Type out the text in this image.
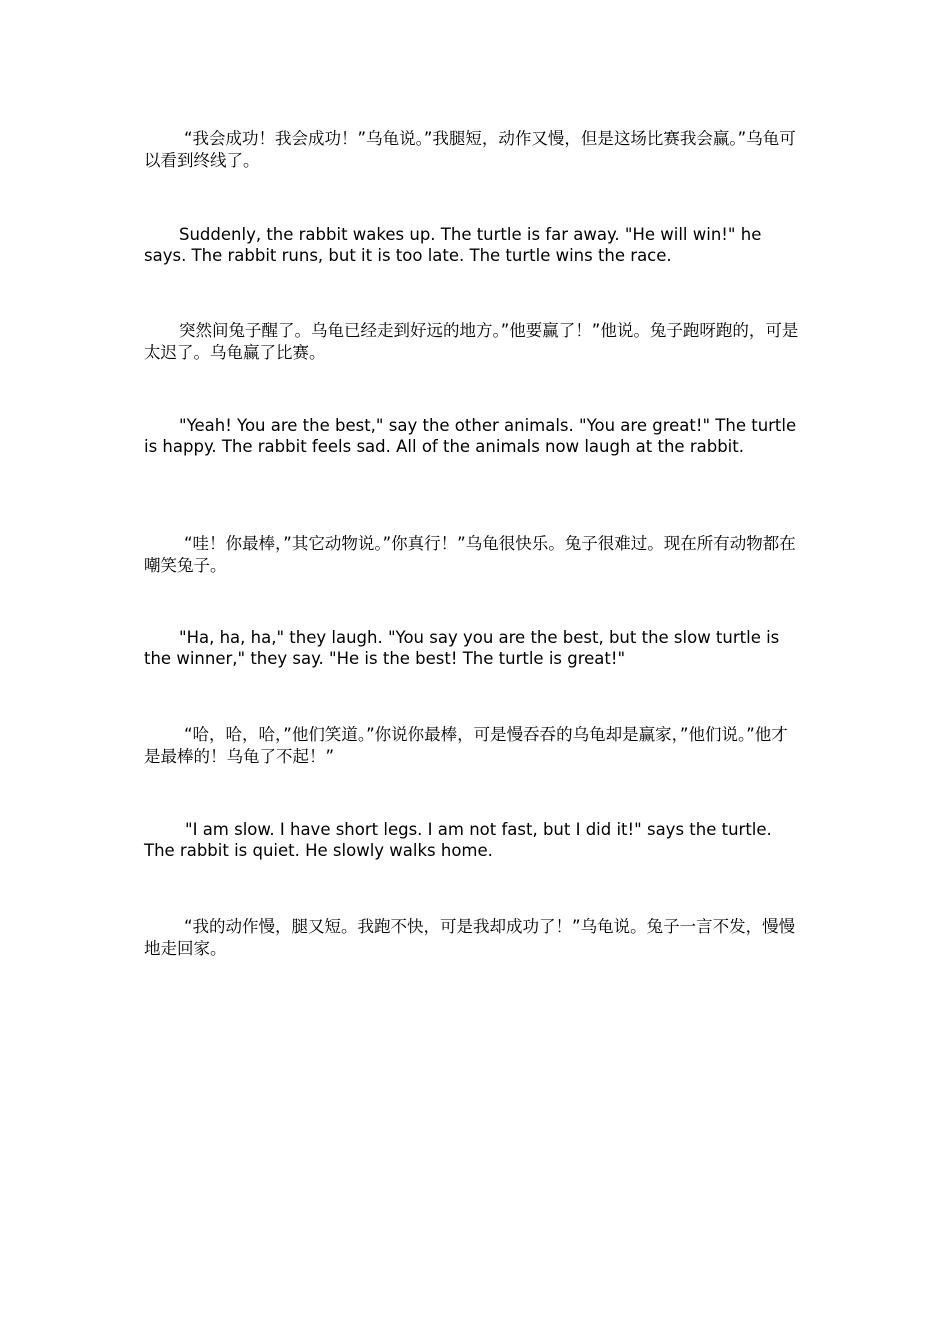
“我会成功！我会成功！”乌龟说。”我腿短，动作又慢，但是这场比赛我会赢。”乌龟可以看到终线了。

Suddenly, the rabbit wakes up. The turtle is far away. "He will win!" he says. The rabbit runs, but it is too late. The turtle wins the race.

突然间兔子醒了。乌龟已经走到好远的地方。”他要赢了！”他说。兔子跑呀跑的，可是太迟了。乌龟赢了比赛。

"Yeah! You are the best," say the other animals. "You are great!" The turtle is happy. The rabbit feels sad. All of the animals now laugh at the rabbit.

“哇！你最棒，”其它动物说。”你真行！”乌龟很快乐。兔子很难过。现在所有动物都在嘲笑兔子。

"Ha, ha, ha," they laugh. "You say you are the best, but the slow turtle is the winner," they say. "He is the best! The turtle is great!"

“哈，哈，哈，”他们笑道。”你说你最棒，可是慢吞吞的乌龟却是赢家，”他们说。”他才是最棒的！乌龟了不起！”

"I am slow. I have short legs. I am not fast, but I did it!" says the turtle. The rabbit is quiet. He slowly walks home.

“我的动作慢，腿又短。我跑不快，可是我却成功了！”乌龟说。兔子一言不发，慢慢地走回家。
